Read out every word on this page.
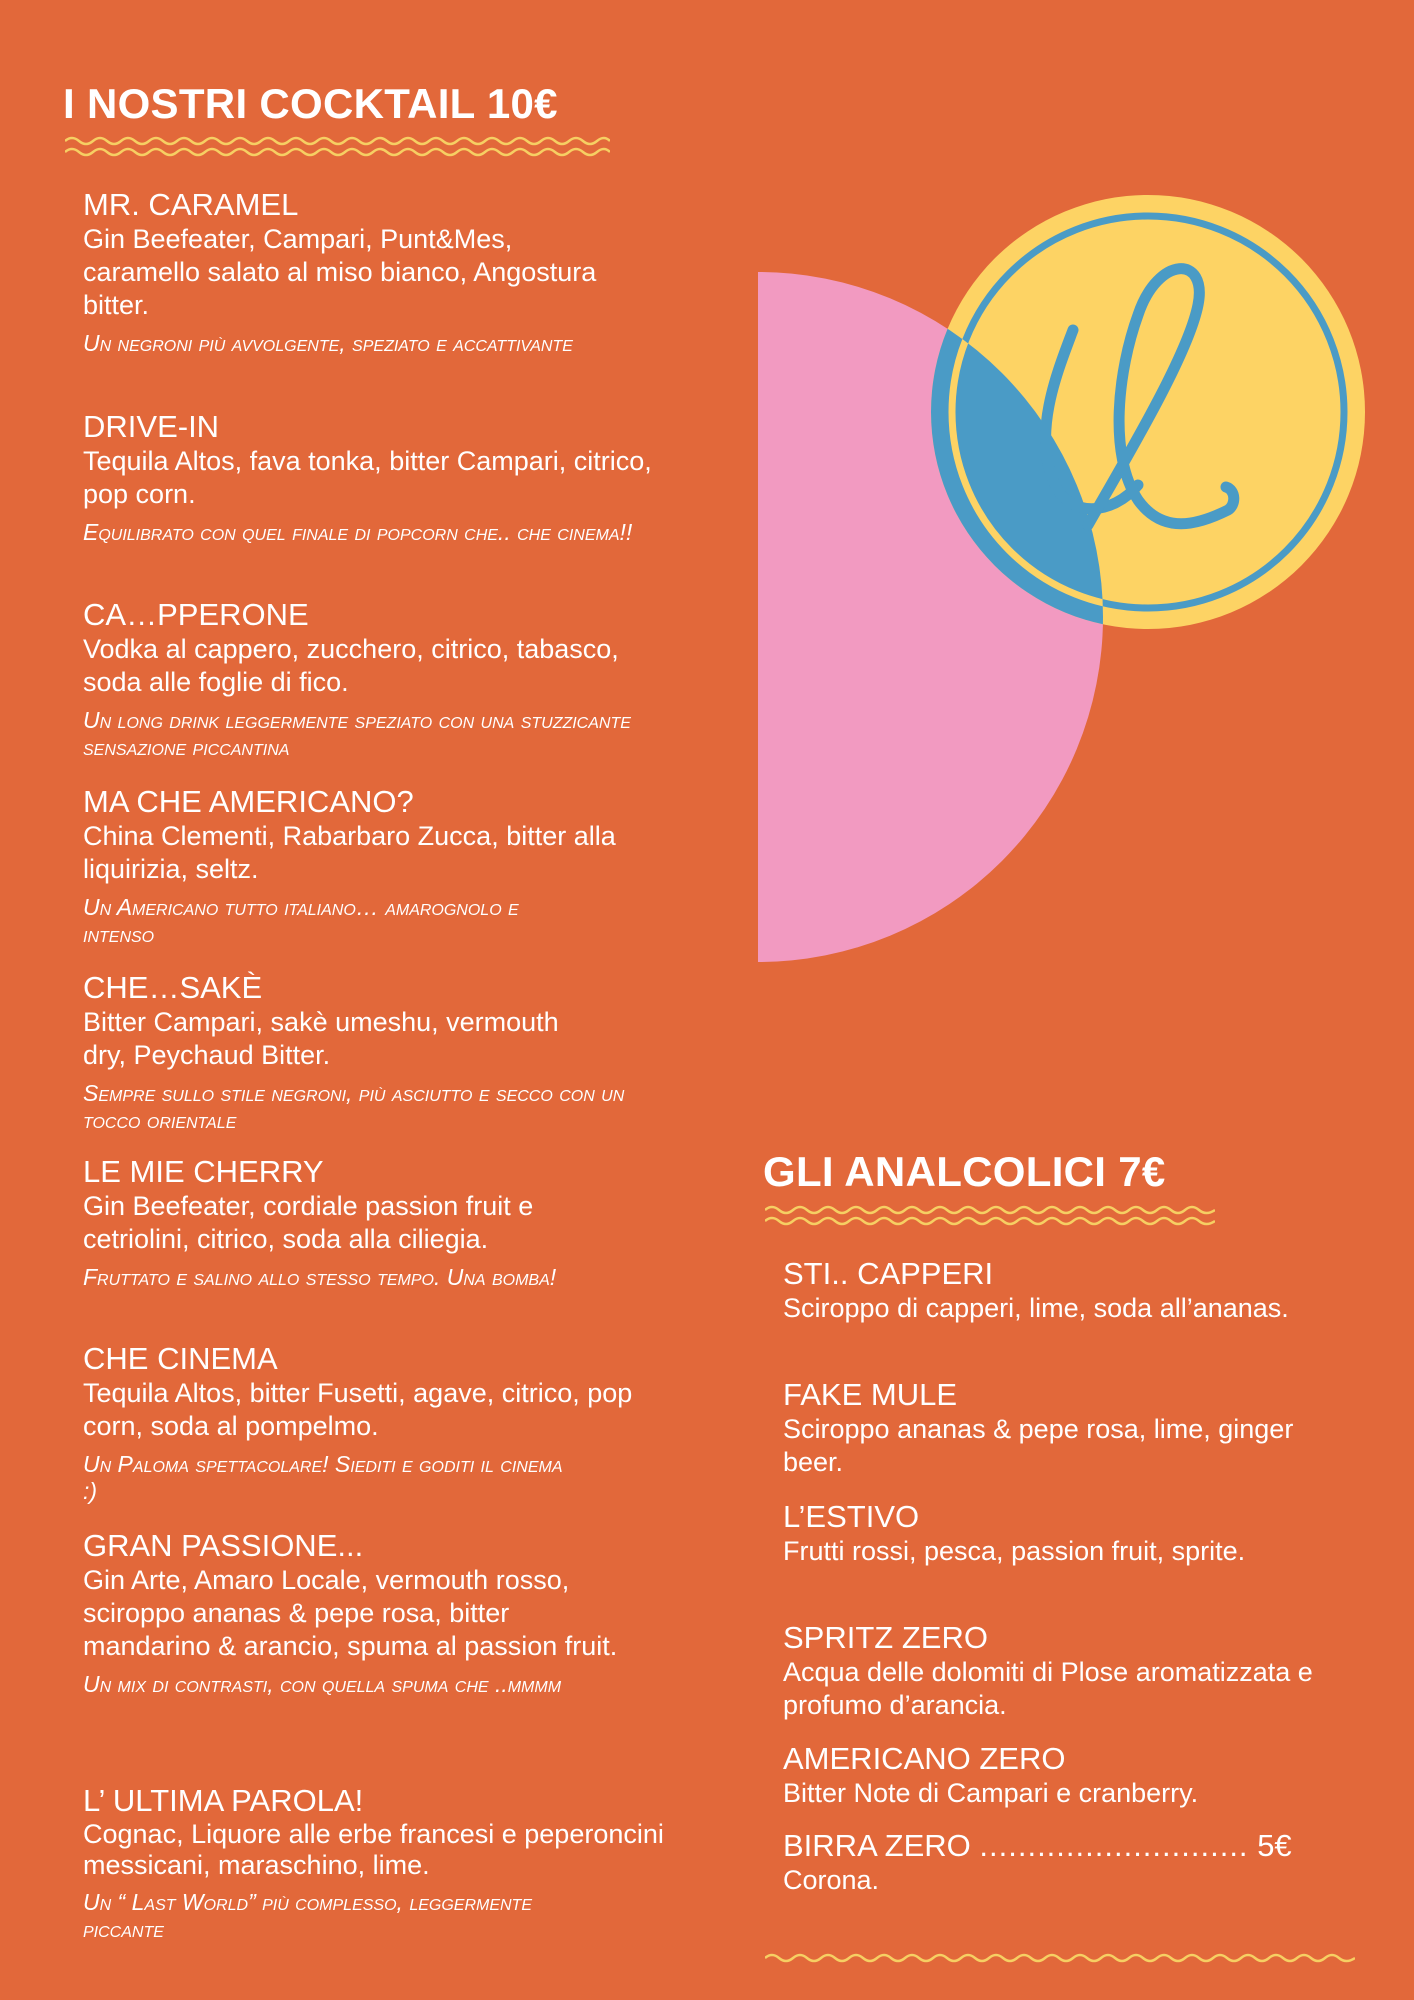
I NOSTRI COCKTAIL 10€
MR. CARAMEL

Gin Beefeater, Campari, Punt&Mes, caramello salato al miso bianco, Angostura bitter.

Un negroni più avvolgente, speziato e accattivante

DRIVE-IN

Tequila Altos, fava tonka, bitter Campari, citrico, pop corn.

Equilibrato con quel finale di popcorn che.. che cinema!!

CA…PPERONE

Vodka al cappero, zucchero, citrico, tabasco, soda alle foglie di fico.

Un long drink leggermente speziato con una stuzzicante sensazione piccantina

MA CHE AMERICANO?

China Clementi, Rabarbaro Zucca, bitter alla liquirizia, seltz.

Un Americano tutto italiano… amarognolo e intenso

CHE…SAKÈ

Bitter Campari, sakè umeshu, vermouth dry, Peychaud Bitter.

Sempre sullo stile negroni, più asciutto e secco con un tocco orientale

LE MIE CHERRY

Gin Beefeater, cordiale passion fruit e cetriolini, citrico, soda alla ciliegia.

Fruttato e salino allo stesso tempo. Una bomba!

CHE CINEMA

Tequila Altos, bitter Fusetti, agave, citrico, pop corn, soda al pompelmo.

Un Paloma spettacolare! Siediti e goditi il cinema :)

GRAN PASSIONE...

Gin Arte, Amaro Locale, vermouth rosso, sciroppo ananas & pepe rosa, bitter mandarino & arancio, spuma al passion fruit.

Un mix di contrasti, con quella spuma che ..mmmm

L’ ULTIMA PAROLA!

Cognac, Liquore alle erbe francesi e peperoncini messicani, maraschino, lime.

Un “ Last World” più complesso, leggermente piccante

GLI ANALCOLICI 7€
STI.. CAPPERI

Sciroppo di capperi, lime, soda all’ananas.

FAKE MULE

Sciroppo ananas & pepe rosa, lime, ginger beer.

L’ESTIVO

Frutti rossi, pesca, passion fruit, sprite.

SPRITZ ZERO

Acqua delle dolomiti di Plose aromatizzata e profumo d’arancia.

AMERICANO ZERO

Bitter Note di Campari e cranberry.

BIRRA ZERO ............................ 5€

Corona.
